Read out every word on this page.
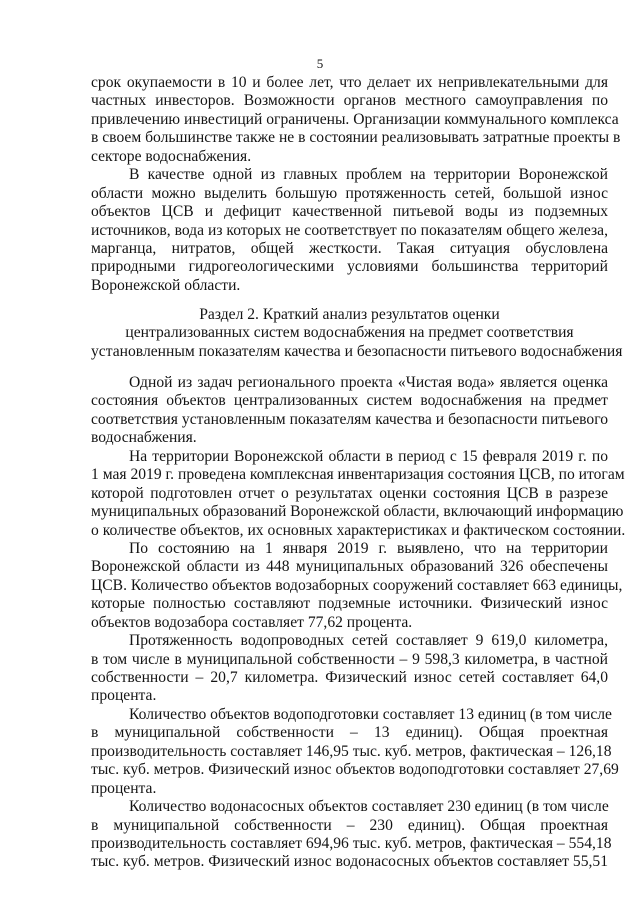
5
срок окупаемости в 10 и более лет, что делает их непривлекательными для
частных инвесторов. Возможности органов местного самоуправления по
привлечению инвестиций ограничены. Организации коммунального комплекса
в своем большинстве также не в состоянии реализовывать затратные проекты в
секторе водоснабжения.
В качестве одной из главных проблем на территории Воронежской
области можно выделить большую протяженность сетей, большой износ
объектов ЦСВ и дефицит качественной питьевой воды из подземных
источников, вода из которых не соответствует по показателям общего железа,
марганца, нитратов, общей жесткости. Такая ситуация обусловлена
природными гидрогеологическими условиями большинства территорий
Воронежской области.
Раздел 2. Краткий анализ результатов оценки
централизованных систем водоснабжения на предмет соответствия
установленным показателям качества и безопасности питьевого водоснабжения
Одной из задач регионального проекта «Чистая вода» является оценка
состояния объектов централизованных систем водоснабжения на предмет
соответствия установленным показателям качества и безопасности питьевого
водоснабжения.
На территории Воронежской области в период с 15 февраля 2019 г. по
1 мая 2019 г. проведена комплексная инвентаризация состояния ЦСВ, по итогам
которой подготовлен отчет о результатах оценки состояния ЦСВ в разрезе
муниципальных образований Воронежской области, включающий информацию
о количестве объектов, их основных характеристиках и фактическом состоянии.
По состоянию на 1 января 2019 г. выявлено, что на территории
Воронежской области из 448 муниципальных образований 326 обеспечены
ЦСВ. Количество объектов водозаборных сооружений составляет 663 единицы,
которые полностью составляют подземные источники. Физический износ
объектов водозабора составляет 77,62 процента.
Протяженность водопроводных сетей составляет 9 619,0 километра,
в том числе в муниципальной собственности – 9 598,3 километра, в частной
собственности – 20,7 километра. Физический износ сетей составляет 64,0
процента.
Количество объектов водоподготовки составляет 13 единиц (в том числе
в муниципальной собственности – 13 единиц). Общая проектная
производительность составляет 146,95 тыс. куб. метров, фактическая – 126,18
тыс. куб. метров. Физический износ объектов водоподготовки составляет 27,69
процента.
Количество водонасосных объектов составляет 230 единиц (в том числе
в муниципальной собственности – 230 единиц). Общая проектная
производительность составляет 694,96 тыс. куб. метров, фактическая – 554,18
тыс. куб. метров. Физический износ водонасосных объектов составляет 55,51
